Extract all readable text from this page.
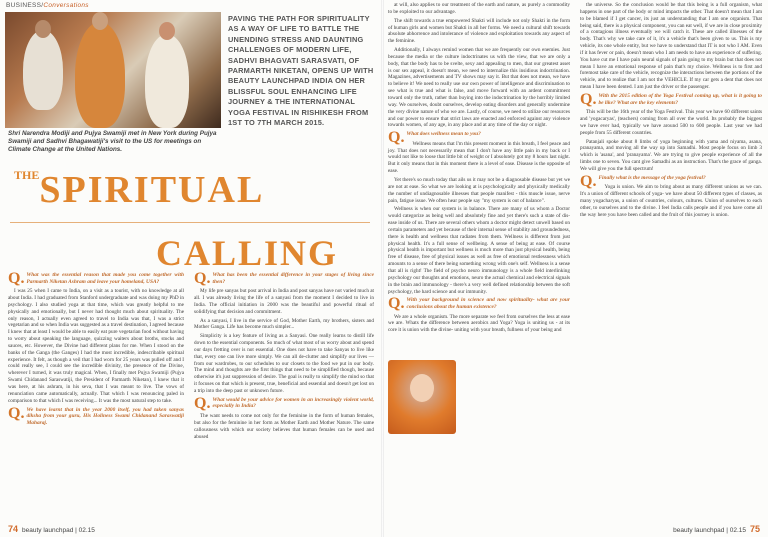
BUSINESS/Conversations
Shri Narendra Modiji and Pujya Swamiji met in New York during Pujya Swamiji and Sadhvi Bhagawatiji's visit to the US for meetings on Climate Change at the United Nations.
PAVING THE PATH FOR SPIRITUALITY AS A WAY OF LIFE TO BATTLE THE UNENDING STRESS AND DAUNTING CHALLENGES OF MODERN LIFE, SADHVI BHAGVATI SARASVATI, OF PARMARTH NIKETAN, OPENS UP WITH BEAUTY LAUNCHPAD INDIA ON HER BLISSFUL SOUL ENHANCING LIFE JOURNEY & THE INTERNATIONAL YOGA FESTIVAL IN RISHIKESH FROM 1ST TO 7TH MARCH 2015.
$^{THE}$SPIRITUAL
CALLING
Q. What was the essential reason that made you come together with Parmarth Niketan Ashram and leave your homeland, USA?

I was 25 when I came to India, on a visit as a tourist, with no knowledge at all about India. I had graduated from Stanford undergraduate and was doing my PhD in psychology. I also studied yoga at that time, which was greatly helpful to me physically and emotionally, but I never had thought much about spirituality. The only reason, I actually even agreed to travel to India was that, I was a strict vegetarian and so when India was suggested as a travel destination, I agreed because I knew that at least I would be able to easily eat pure vegetarian food without having to worry about speaking the language, quizzing waiters about broths, stocks and sauces, etc. However, the Divine had different plans for me. When I stood on the banks of the Ganga (the Ganges) I had the most incredible, indescribable spiritual experience. It felt, as though a veil that I had worn for 25 years was pulled off and I could really see, I could see the incredible divinity, the presence of the Divine, wherever I turned, it was truly magical. When, I finally met Pujya Swamiji (Pujya Swami Chidanand Saraswatiji, the President of Parmarth Niketan), I knew that it was here, at his ashram, in his seva, that I was meant to live. The vows of renunciation came automatically, actually. That which I was renouncing paled in comparison to that which I was receiving... It was the most natural step to take.

Q. We have learnt that in the year 2000 itself, you had taken sanyas diksha from your guru, His Holiness Swami Chidanand Saraswatiji Maharaj.
Q. What has been the essential difference in your stages of living since then?

My life pre sanyas but post arrival in India and post sanyas have not varied much at all. I was already living the life of a sanyasi from the moment I decided to live in India. The official initiation in 2000 was the beautiful and powerful ritual of solidifying that decision and commitment.

As a sanyasi, I live in the service of God, Mother Earth, my brothers, sisters and Mother Ganga. Life has become much simpler...

Simplicity is a key feature of living as a Sanyasi. One really learns to distill life down to the essential components. So much of what most of us worry about and spend our days fretting over is not essential. One does not have to take Sanyas to live like that, every one can live more simply. We can all de-clutter and simplify our lives — from our wardrobes, to our schedules to our closets to the food we put in our body. The mind and thoughts are the first things that need to be simplified though, because otherwise it's just suppression of desire. The goal is really to simplify the mind so that it focuses on that which is present, true, beneficial and essential and doesn't get lost on a trip into the deep past or unknown future.

Q. What would be your advice for women in an increasingly violent world, especially in India?

The want needs to come not only for the feminine in the form of human females, but also for the feminine in her form as Mother Earth and Mother Nature. The same callousness with which our society believes that human females can be used and abused

74 beauty launchpad | 02.15

at will, also applies to our treatment of the earth and nature, as purely a commodity to be exploited to our advantage.

The shift towards a true empowered Shakti will include not only Shakti in the form of human girls and women but Shakti in all her forms. We need a cultural shift towards absolute abhorrence and intolerance of violence and exploitation towards any aspect of the feminine.

Additionally, I always remind women that we are frequently our own enemies. Just because the media or the culture indoctrinates us with the view, that we are only a body, that the body has to be svelte, sexy and appealing to men, that our greatest asset is our sex appeal, it doesn't mean, we need to internalize this insidious indoctrination. Magazines, advertisements and TV shows may say it. But that does not mean, we have to believe it! We need to really use our own power of intelligence and discrimination to see what is true and what is false, and move forward with an ardent commitment toward only the truth, rather than buying into the indoctrination by the horribly limited way. We ourselves, doubt ourselves, develop eating disorders and generally undermine the very divine nature of who we are. Lastly, of course, we need to utilize our resources and our power to ensure that strict laws are enacted and enforced against any violence towards women, of any age, in any place and at any time of the day or night.

Q. What does wellness mean to you?

Wellness means that I'm this present moment in this breath, I feel peace and joy. That does not necessarily mean that I don't have any little pain in my back or I would not like to loose that little bit of weight or I absolutely got my 8 hours last night. But it only means that in this moment there is a level of ease. Disease is the opposite of ease.

Yet there's so much today that ails us it may not be a diagnosable disease but yet we are not at ease. So what we are looking at is psychologically and physically medically the number of undiagnosable illnesses that people manifest - this muscle issue, nerve pain, fatigue issue. We often hear people say "my system is out of balance".

Wellness is when our system is in balance. There are many of us whom a Doctor would categorize as being well and absolutely fine and yet there's such a state of dis-ease inside of us. There are several others whom a doctor might detect unwell based on certain parameters and yet because of their internal sense of stability and groundedness, there is health and wellness that radiates from them. Wellness is different from just physical health. It's a full sense of wellbeing. A sense of being at ease. Of course physical health is important but wellness is much more than just physical health, being free of disease, free of physical issues as well as free of emotional restlessness which amounts to a sense of there being something wrong with one's self. Wellness is a sense that all is right! The field of psycho neuro immunology is a whole field interlinking psychology our thoughts and emotions, neuro the actual chemical and electrical signals in the brain and immunology - there's a very well defined relationship between the soft psychology, the hard science and our immunity.

Q. With your background in science and now spirituality- what are your conclusions about the human existence?

We are a whole organism. The more separate we feel from ourselves the less at ease we are. Whats the difference between aerobics and Yoga? Yoga is uniting us - at its core it is union with the divine- uniting with your breath, fullness of your being and

the universe. So the conclusion would be that this being is a full organism, what happens in one part of the body or mind impacts the other. That doesn't mean that I am to be blamed if I get cancer, its just an understanding that I am one organism. That being said, there is a physical component, you can eat well, if we are in close proximity of a contagious illness eventually we will catch it. These are called illnesses of the body. That's why we take care of it, it's a vehicle that's been given to us. This is my vehicle, its one whole entity, but we have to understand that IT is not who I AM. Even if it has fever or pain, doesn't mean who I am needs to have an experience of suffering. You have cut me I have pain neural signals of pain going to my brain but that does not mean I have an emotional response of pain that's my choice. Wellness is to first and foremost take care of the vehicle, recognize the interactions between the portions of the vehicle, and to realize that I am not the VEHICLE. If my car gets a dent that does not mean I have been dented. I am just the driver or the passenger.

Q. With the 2015 edition of the Yoga Festival coming up, what is it going to be like? What are the key elements?

This will be the 16th year of the Yoga Festival. This year we have 60 different saints and 'yogacaryas', (teachers) coming from all over the world. Its probably the biggest we have ever had, typically we have around 500 to 600 people. Last year we had people from 55 different countries.

Patanjali spoke about 8 limbs of yoga beginning with yama and niyama, asana, pranayama, and moving all the way up into Samadhi. Most people focus on limb 3 which is 'asana', and 'pranayama'. We are trying to give people experience of all the limbs one to seven. You cant give Samadhi as an instruction. That's the grace of ganga. We will give you the full spectrum!

Q. Finally what is the message of the yoga festival?

Yoga is union. We aim to bring about as many different unions as we can. It's a union of different schools of yoga- we have about 50 different types of classes, as many yogacharyas, a union of countries, colours, cultures. Union of ourselves to each other, to ourselves and to the divine. I feel India calls people and if you have come all the way here you have been called and the fruit of this journey is union.

beauty launchpad | 02.15 75
